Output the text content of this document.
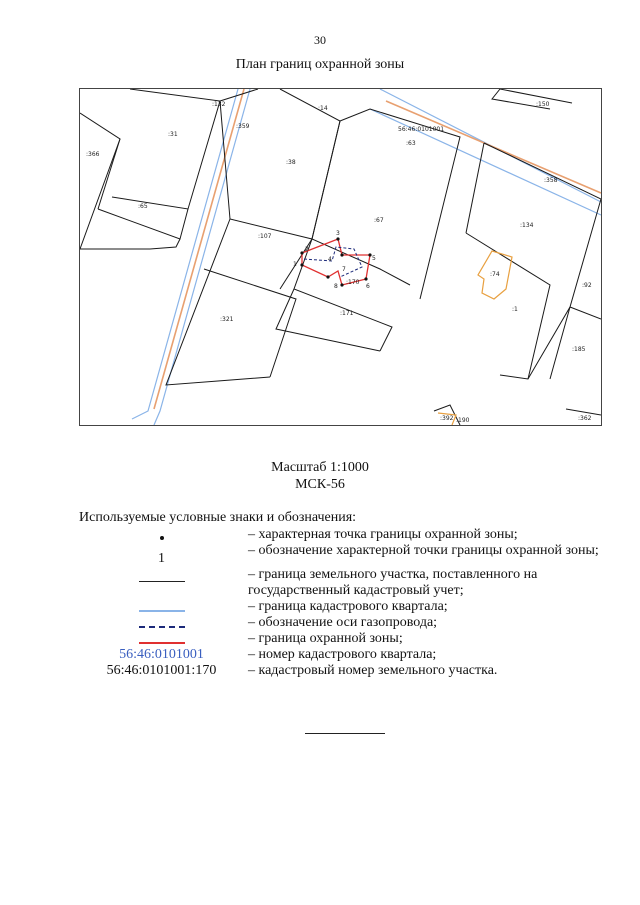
30
План границ охранной зоны
1
2
3
4	5
6
7
8
:132
:14
:150
:31
:366
:359
:38
:65
56:46:0101001
:63
:67
:134
:358
:107
:170
:171
:321
:92
:74
:1
:185
:190	:362
:392
Масштаб 1:1000
МСК-56
Используемые условные знаки и обозначения:
– характерная точка границы охранной зоны;
1
– обозначение характерной точки границы охранной зоны;
– граница земельного участка, поставленного на государственный кадастровый учет;
– граница кадастрового квартала;
– обозначение оси газопровода;
– граница охранной зоны;
56:46:0101001	– номер кадастрового квартала;
56:46:0101001:170 – кадастровый номер земельного участка.
